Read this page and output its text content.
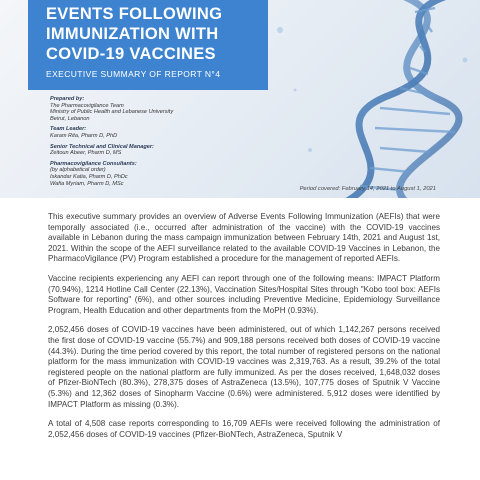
EVENTS FOLLOWING
IMMUNIZATION WITH
COVID-19 VACCINES
EXECUTIVE SUMMARY OF REPORT N°4
Prepared by:
The Pharmacovigilance Team
Ministry of Public Health and Lebanese University
Beirut, Lebanon
Team Leader:
Karam Rita, Pharm D, PhD
Senior Technical and Clinical Manager:
Zeitoun Abeer, Pharm D, MS
Pharmacovigilance Consultants:
(by alphabetical order)
Iskandar Katia, Pharm D, PhDc
Wafia Myriam, Pharm D, MSc
Period covered: February 14, 2021 to August 1, 2021

This executive summary provides an overview of Adverse Events Following Immunization (AEFIs) that were temporally associated (i.e., occurred after administration of the vaccine) with the COVID-19 vaccines available in Lebanon during the mass campaign immunization between February 14th, 2021 and August 1st, 2021. Within the scope of the AEFI surveillance related to the available COVID-19 Vaccines in Lebanon, the PharmacoVigilance (PV) Program established a procedure for the management of reported AEFIs.

Vaccine recipients experiencing any AEFI can report through one of the following means: IMPACT Platform (70.94%), 1214 Hotline Call Center (22.13%), Vaccination Sites/Hospital Sites through "Kobo tool box: AEFIs Software for reporting" (6%), and other sources including Preventive Medicine, Epidemiology Surveillance Program, Health Education and other departments from the MoPH (0.93%).

2,052,456 doses of COVID-19 vaccines have been administered, out of which 1,142,267 persons received the first dose of COVID-19 vaccine (55.7%) and 909,188 persons received both doses of COVID-19 vaccine (44.3%). During the time period covered by this report, the total number of registered persons on the national platform for the mass immunization with COVID-19 vaccines was 2,319,763. As a result, 39.2% of the total registered people on the national platform are fully immunized. As per the doses received, 1,648,032 doses of Pfizer-BioNTech (80.3%), 278,375 doses of AstraZeneca (13.5%), 107,775 doses of Sputnik V Vaccine (5.3%) and 12,362 doses of Sinopharm Vaccine (0.6%) were administered. 5,912 doses were identified by IMPACT Platform as missing (0.3%).

A total of 4,508 case reports corresponding to 16,709 AEFIs were received following the administration of 2,052,456 doses of COVID-19 vaccines (Pfizer-BioNTech, AstraZeneca, Sputnik V
